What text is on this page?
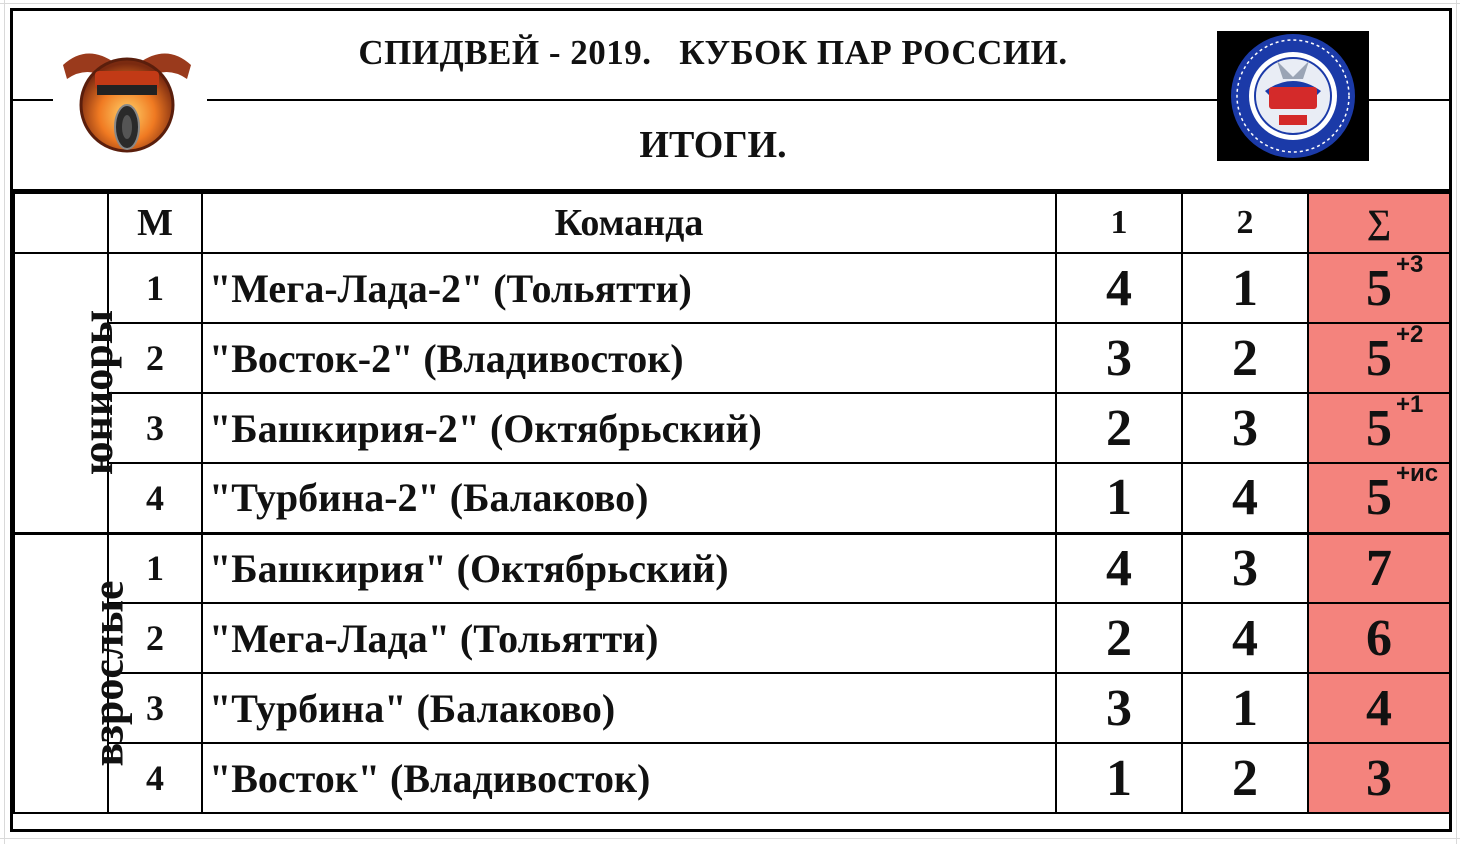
СПИДВЕЙ - 2019.   КУБОК ПАР РОССИИ.
ИТОГИ.
	М	Команда	1	2	∑
юниоры	1	"Мега-Лада-2" (Тольятти)	4	1	5 +3

	2	"Восток-2" (Владивосток)	3	2	5 +2

	3	"Башкирия-2" (Октябрьский)	2	3	5 +1

	4	"Турбина-2" (Балаково)	1	4	5 +ис

взрослые	1	"Башкирия" (Октябрьский)	4	3	7
	2	"Мега-Лада" (Тольятти)	2	4	6
	3	"Турбина" (Балаково)	3	1	4
	4	"Восток" (Владивосток)	1	2	3
